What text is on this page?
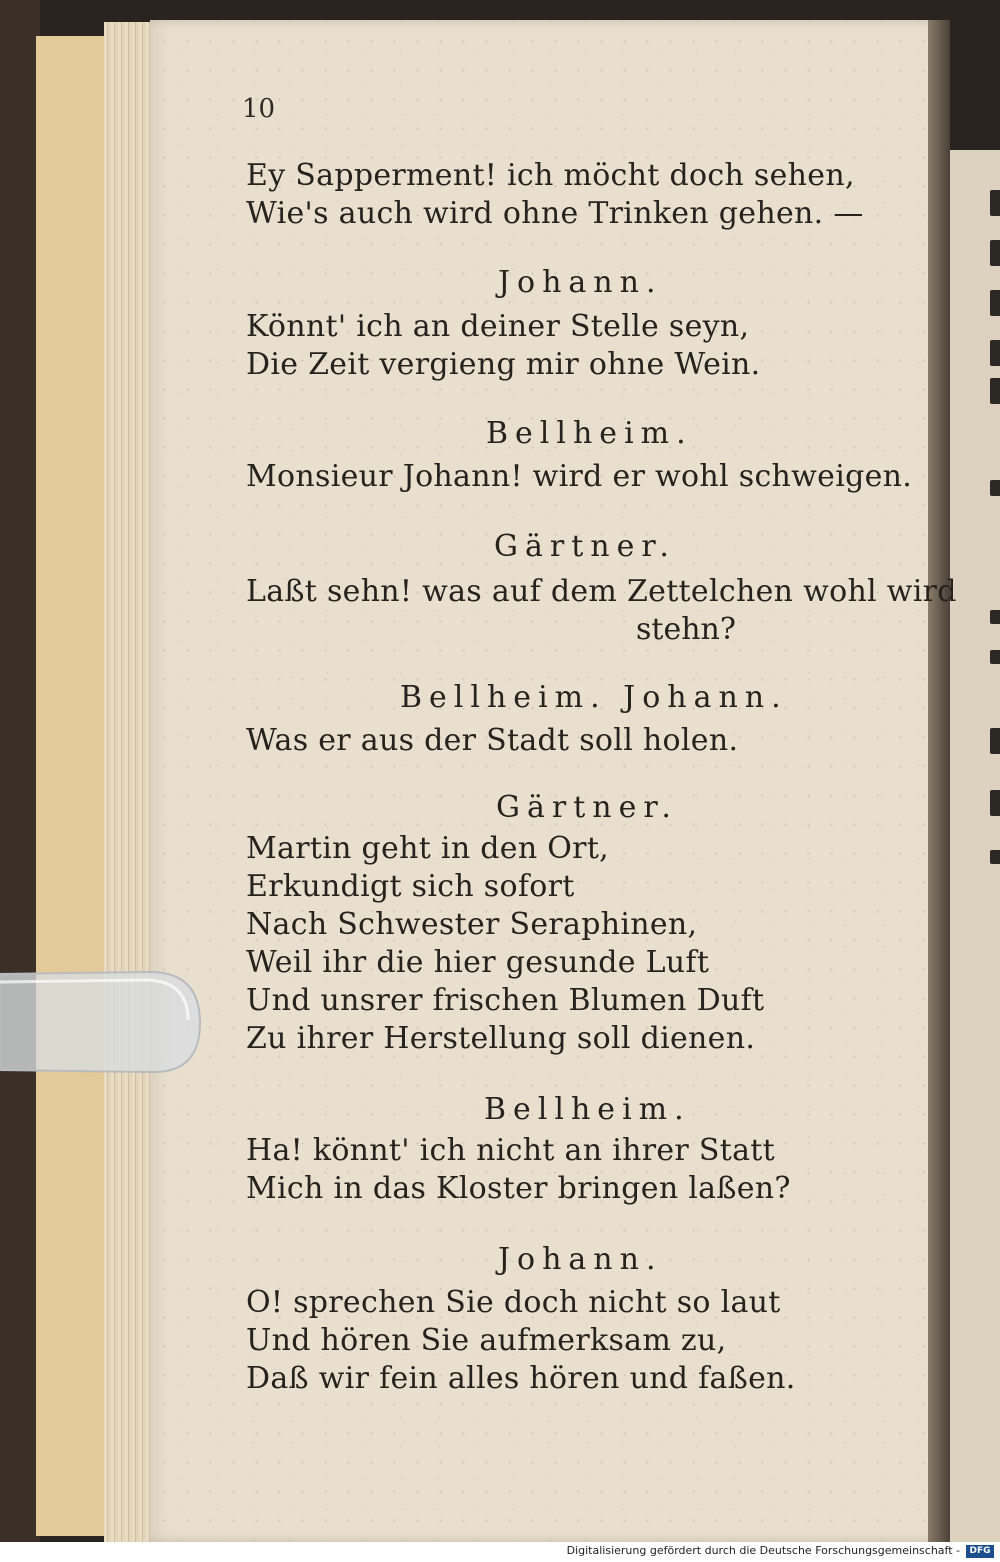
10
Ey Sapperment! ich möcht doch sehen,
Wie's auch wird ohne Trinken gehen. —
Johann.
Könnt' ich an deiner Stelle seyn,
Die Zeit vergieng mir ohne Wein.
Bellheim.
Monsieur Johann! wird er wohl schweigen.
Gärtner.
Laßt sehn! was auf dem Zettelchen wohl wird
stehn?
Bellheim. Johann.
Was er aus der Stadt soll holen.
Gärtner.
Martin geht in den Ort,
Erkundigt sich sofort
Nach Schwester Seraphinen,
Weil ihr die hier gesunde Luft
Und unsrer frischen Blumen Duft
Zu ihrer Herstellung soll dienen.
Bellheim.
Ha! könnt' ich nicht an ihrer Statt
Mich in das Kloster bringen laßen?
Johann.
O! sprechen Sie doch nicht so laut
Und hören Sie aufmerksam zu,
Daß wir fein alles hören und faßen.
Digitalisierung gefördert durch die Deutsche Forschungsgemeinschaft -	DFG
